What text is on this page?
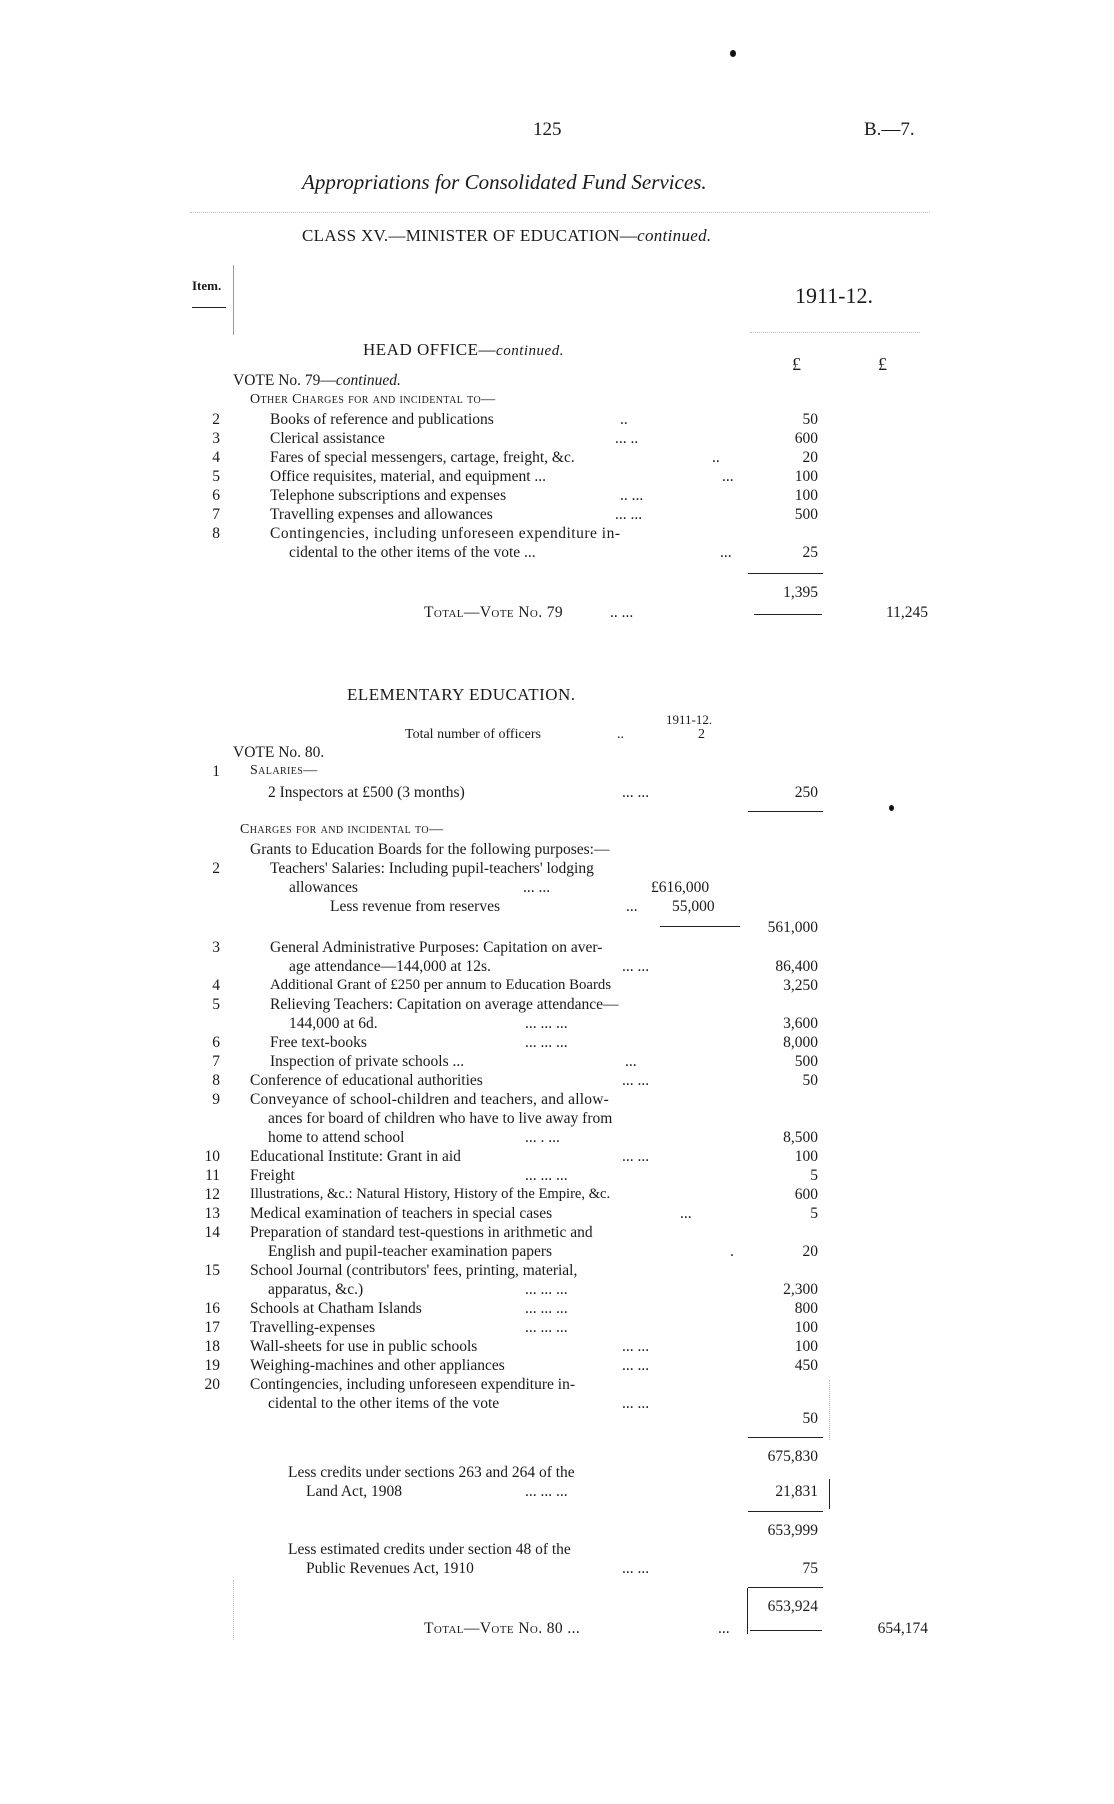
125	B.—7.
Appropriations for Consolidated Fund Services.
CLASS XV.—MINISTER OF EDUCATION—continued.
Item.	1911-12.
HEAD OFFICE—continued.
£	£
VOTE No. 79—continued.
Other Charges for and incidental to—
2	Books of reference and publications	..	50
3	Clerical assistance	... ..	600
4	Fares of special messengers, cartage, freight, &c.	..	20
5	Office requisites, material, and equipment ...	...	100
6	Telephone subscriptions and expenses	.. ...	100
7	Travelling expenses and allowances	... ...	500
8	Contingencies, including unforeseen expenditure in-
cidental to the other items of the vote ...	...	25
1,395
Total—Vote No. 79	.. ...	11,245
ELEMENTARY EDUCATION.
1911-12.
Total number of officers	..	2
VOTE No. 80.
1 Salaries—
2 Inspectors at £500 (3 months)	... ...	250
Charges for and incidental to—
Grants to Education Boards for the following purposes:—
2	Teachers' Salaries: Including pupil-teachers' lodging
allowances	... ...	£616,000
Less revenue from reserves	... 55,000
561,000
3	General Administrative Purposes: Capitation on aver-
age attendance—144,000 at 12s.	... ...	86,400
4	Additional Grant of £250 per annum to Education Boards	3,250
5	Relieving Teachers: Capitation on average attendance—
144,000 at 6d.	... ... ...	3,600
6	Free text-books	... ... ...	8,000
7	Inspection of private schools ...	...	500
8 Conference of educational authorities	... ...	50
9 Conveyance of school-children and teachers, and allow-
ances for board of children who have to live away from
home to attend school	... . ...	8,500
10 Educational Institute: Grant in aid	... ...	100
11 Freight	... ... ...	5
12 Illustrations, &c.: Natural History, History of the Empire, &c.	600
13 Medical examination of teachers in special cases	...	5
14 Preparation of standard test-questions in arithmetic and
English and pupil-teacher examination papers	.	20
15 School Journal (contributors' fees, printing, material,
apparatus, &c.)	... ... ...	2,300
16 Schools at Chatham Islands	... ... ...	800
17 Travelling-expenses	... ... ...	100
18 Wall-sheets for use in public schools	... ...	100
19 Weighing-machines and other appliances	... ...	450
20 Contingencies, including unforeseen expenditure in-
cidental to the other items of the vote	... ...
50
675,830
Less credits under sections 263 and 264 of the
Land Act, 1908	... ... ...	21,831
653,999
Less estimated credits under section 48 of the
Public Revenues Act, 1910	... ...	75
653,924
Total—Vote No. 80 ...	...	654,174
